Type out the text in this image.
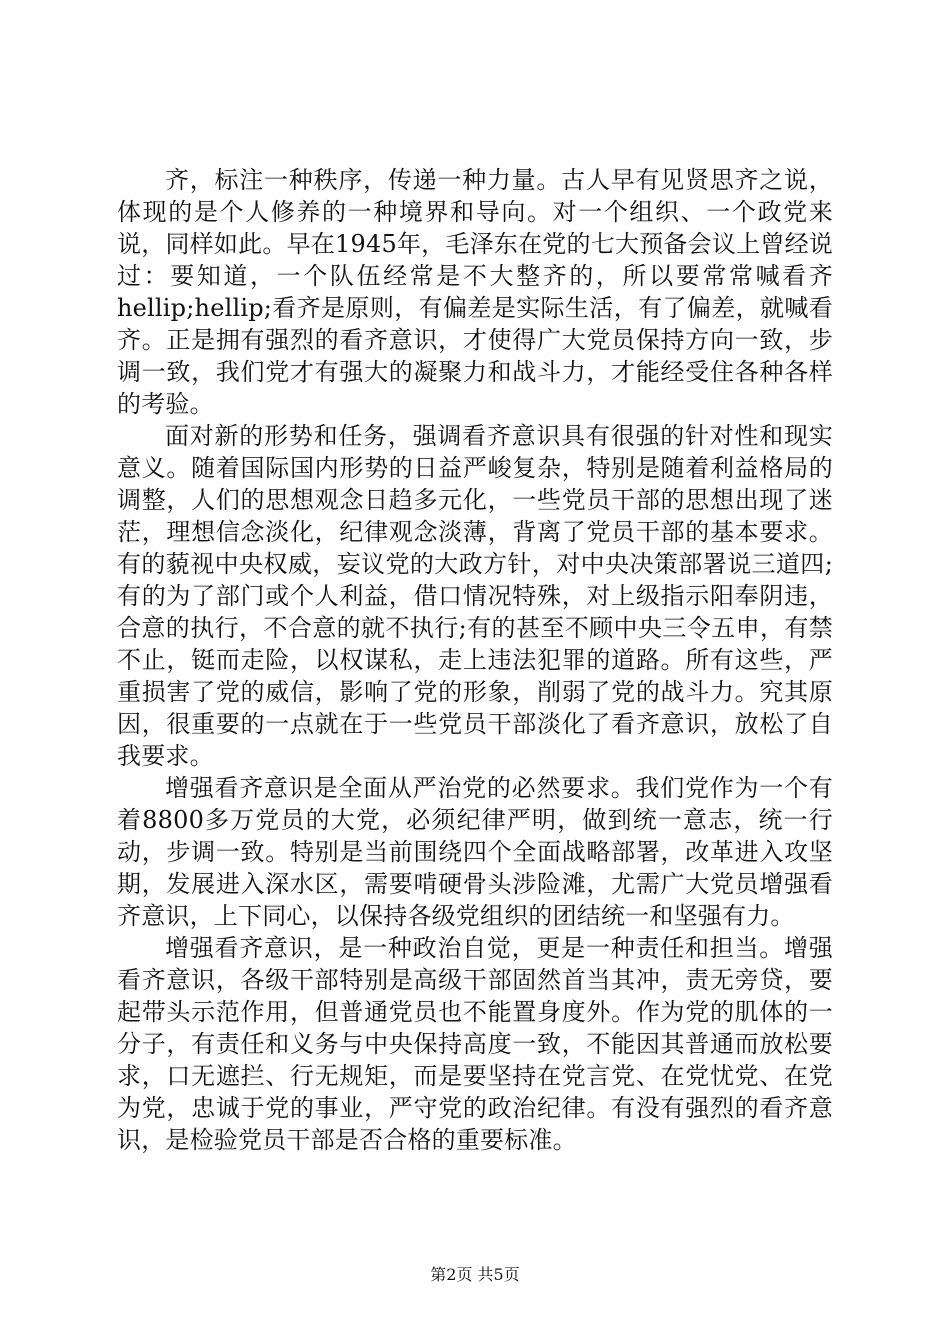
齐，标注一种秩序，传递一种力量。古人早有见贤思齐之说，体现的是个人修养的一种境界和导向。对一个组织、一个政党来说，同样如此。早在1945年，毛泽东在党的七大预备会议上曾经说过：要知道，一个队伍经常是不大整齐的，所以要常常喊看齐hellip;hellip;看齐是原则，有偏差是实际生活，有了偏差，就喊看齐。正是拥有强烈的看齐意识，才使得广大党员保持方向一致，步调一致，我们党才有强大的凝聚力和战斗力，才能经受住各种各样的考验。

面对新的形势和任务，强调看齐意识具有很强的针对性和现实意义。随着国际国内形势的日益严峻复杂，特别是随着利益格局的调整，人们的思想观念日趋多元化，一些党员干部的思想出现了迷茫，理想信念淡化，纪律观念淡薄，背离了党员干部的基本要求。有的藐视中央权威，妄议党的大政方针，对中央决策部署说三道四;有的为了部门或个人利益，借口情况特殊，对上级指示阳奉阴违，合意的执行，不合意的就不执行;有的甚至不顾中央三令五申，有禁不止，铤而走险，以权谋私，走上违法犯罪的道路。所有这些，严重损害了党的威信，影响了党的形象，削弱了党的战斗力。究其原因，很重要的一点就在于一些党员干部淡化了看齐意识，放松了自我要求。

增强看齐意识是全面从严治党的必然要求。我们党作为一个有着8800多万党员的大党，必须纪律严明，做到统一意志，统一行动，步调一致。特别是当前围绕四个全面战略部署，改革进入攻坚期，发展进入深水区，需要啃硬骨头涉险滩，尤需广大党员增强看齐意识，上下同心，以保持各级党组织的团结统一和坚强有力。

增强看齐意识，是一种政治自觉，更是一种责任和担当。增强看齐意识，各级干部特别是高级干部固然首当其冲，责无旁贷，要起带头示范作用，但普通党员也不能置身度外。作为党的肌体的一分子，有责任和义务与中央保持高度一致，不能因其普通而放松要求，口无遮拦、行无规矩，而是要坚持在党言党、在党忧党、在党为党，忠诚于党的事业，严守党的政治纪律。有没有强烈的看齐意识，是检验党员干部是否合格的重要标准。

第2页 共5页
